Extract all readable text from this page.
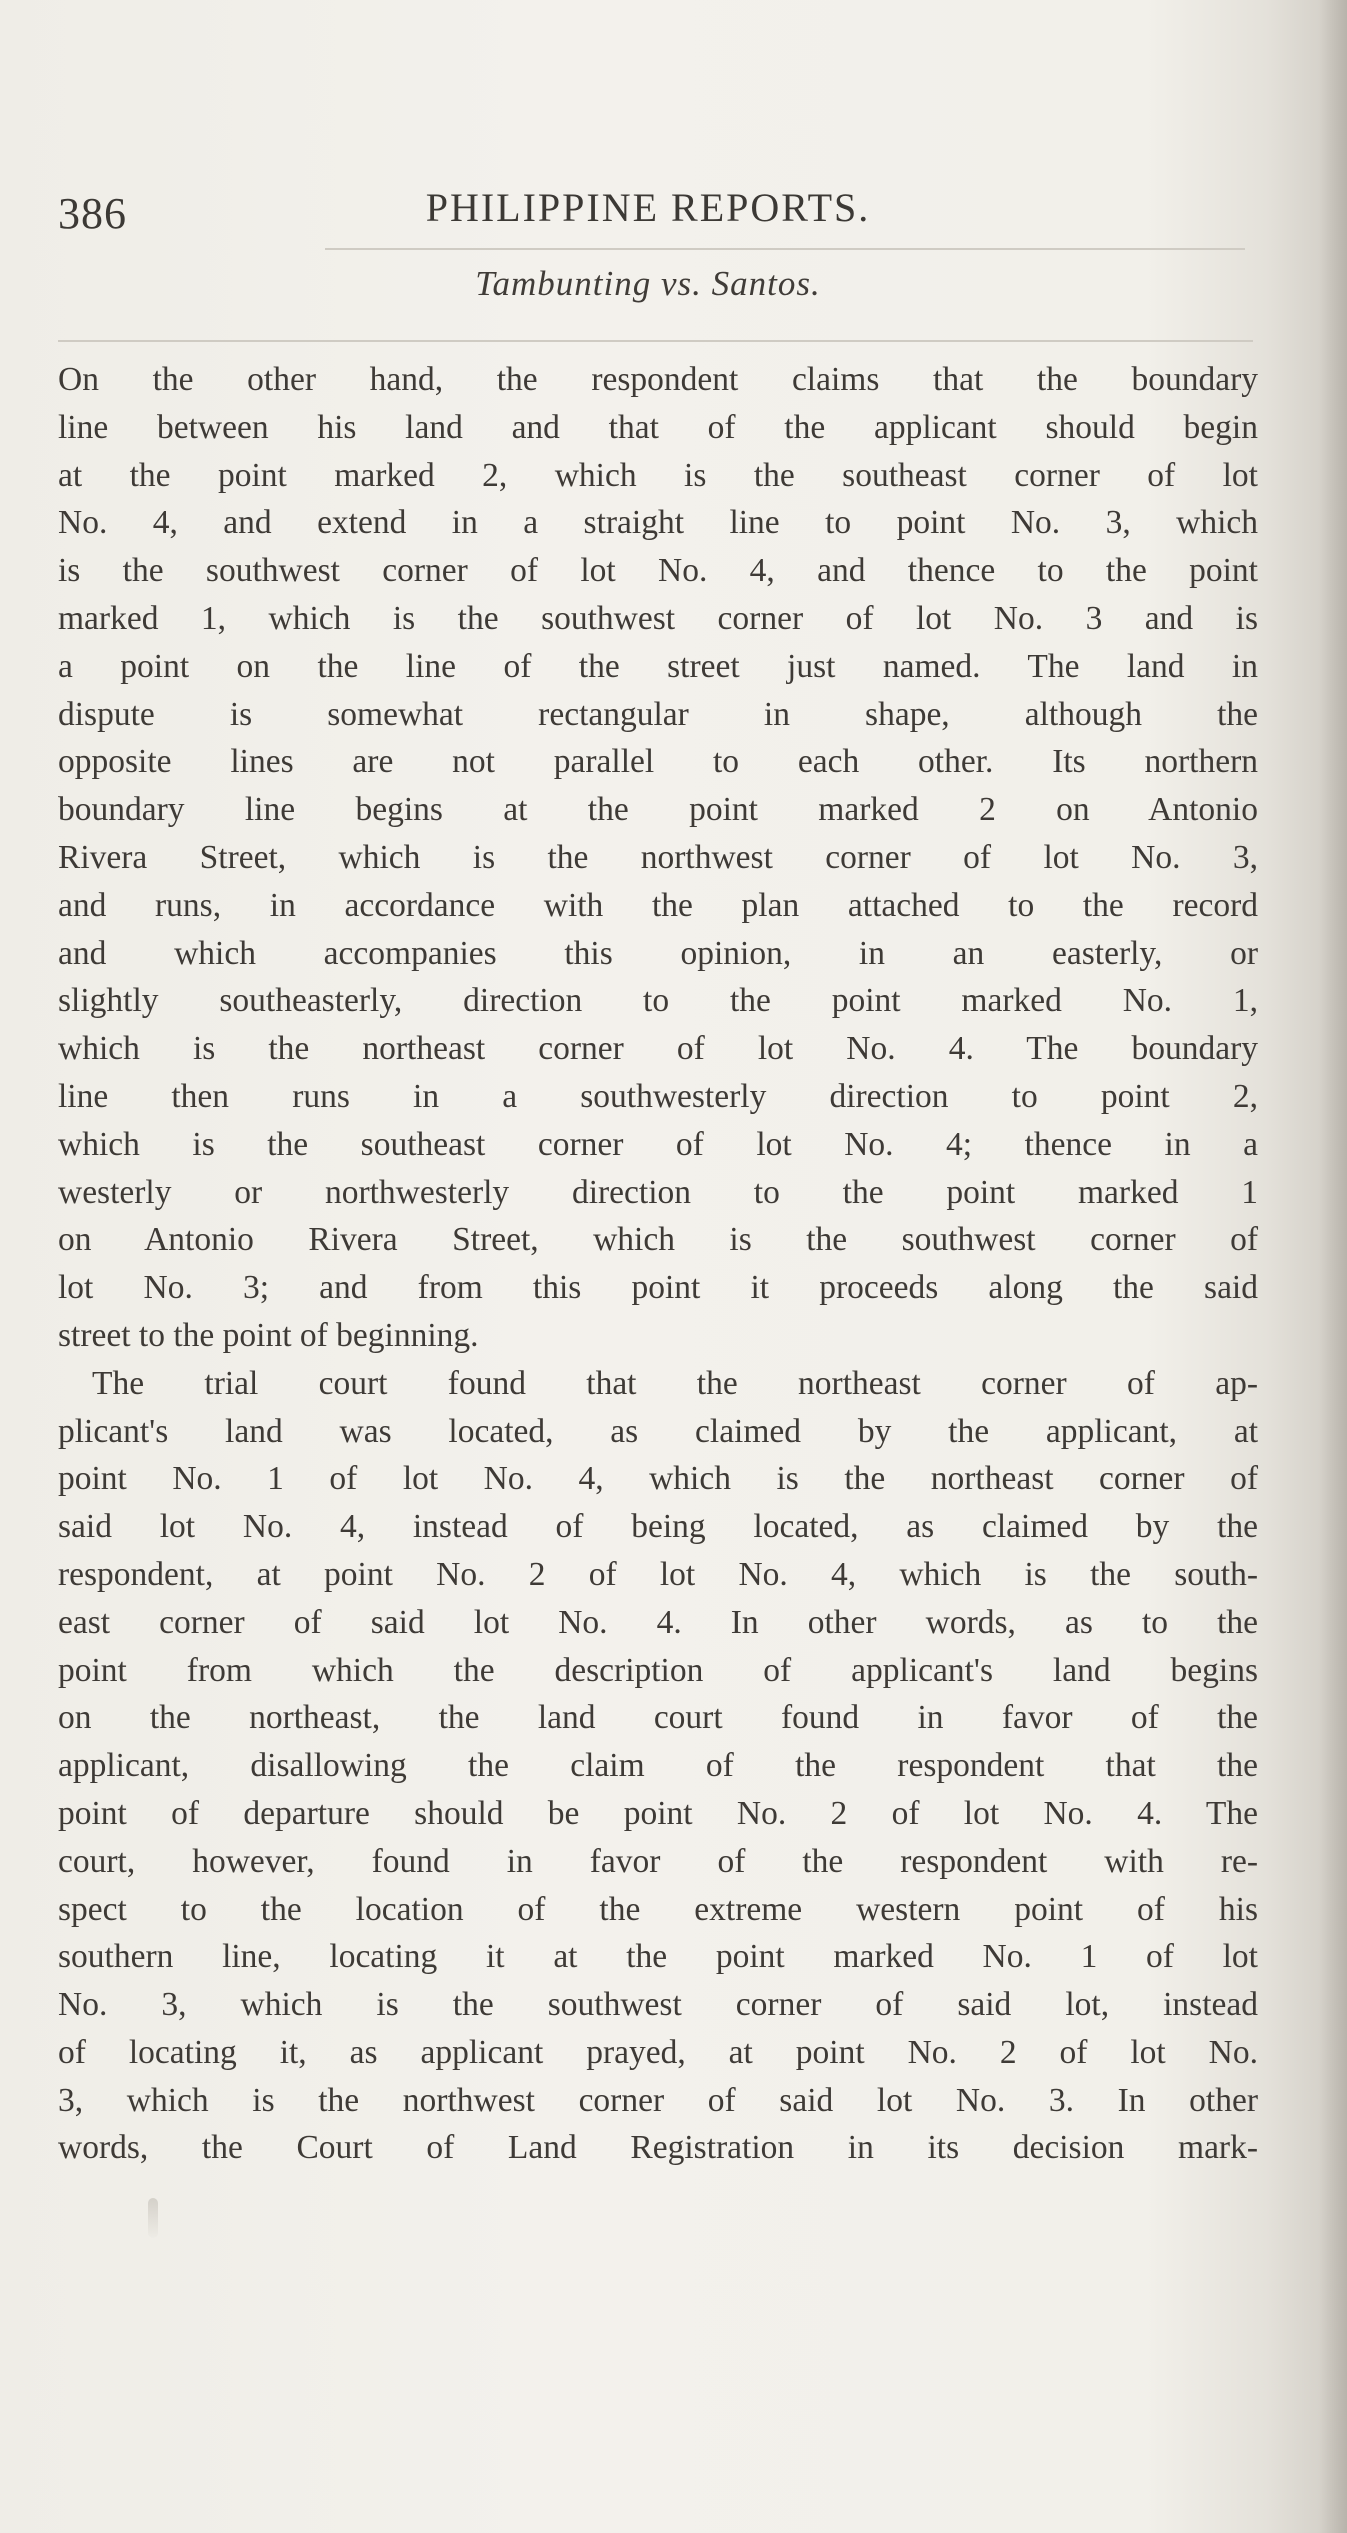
386	PHILIPPINE REPORTS.
Tambunting vs. Santos.
On the other hand, the respondent claims that the boundary
line between his land and that of the applicant should begin
at the point marked 2, which is the southeast corner of lot
No. 4, and extend in a straight line to point No. 3, which
is the southwest corner of lot No. 4, and thence to the point
marked 1, which is the southwest corner of lot No. 3 and is
a point on the line of the street just named. The land in
dispute is somewhat rectangular in shape, although the
opposite lines are not parallel to each other. Its northern
boundary line begins at the point marked 2 on Antonio
Rivera Street, which is the northwest corner of lot No. 3,
and runs, in accordance with the plan attached to the record
and which accompanies this opinion, in an easterly, or
slightly southeasterly, direction to the point marked No. 1,
which is the northeast corner of lot No. 4. The boundary
line then runs in a southwesterly direction to point 2,
which is the southeast corner of lot No. 4; thence in a
westerly or northwesterly direction to the point marked 1
on Antonio Rivera Street, which is the southwest corner of
lot No. 3; and from this point it proceeds along the said
street to the point of beginning.
The trial court found that the northeast corner of ap-
plicant's land was located, as claimed by the applicant, at
point No. 1 of lot No. 4, which is the northeast corner of
said lot No. 4, instead of being located, as claimed by the
respondent, at point No. 2 of lot No. 4, which is the south-
east corner of said lot No. 4. In other words, as to the
point from which the description of applicant's land begins
on the northeast, the land court found in favor of the
applicant, disallowing the claim of the respondent that the
point of departure should be point No. 2 of lot No. 4. The
court, however, found in favor of the respondent with re-
spect to the location of the extreme western point of his
southern line, locating it at the point marked No. 1 of lot
No. 3, which is the southwest corner of said lot, instead
of locating it, as applicant prayed, at point No. 2 of lot No.
3, which is the northwest corner of said lot No. 3. In other
words, the Court of Land Registration in its decision mark-
